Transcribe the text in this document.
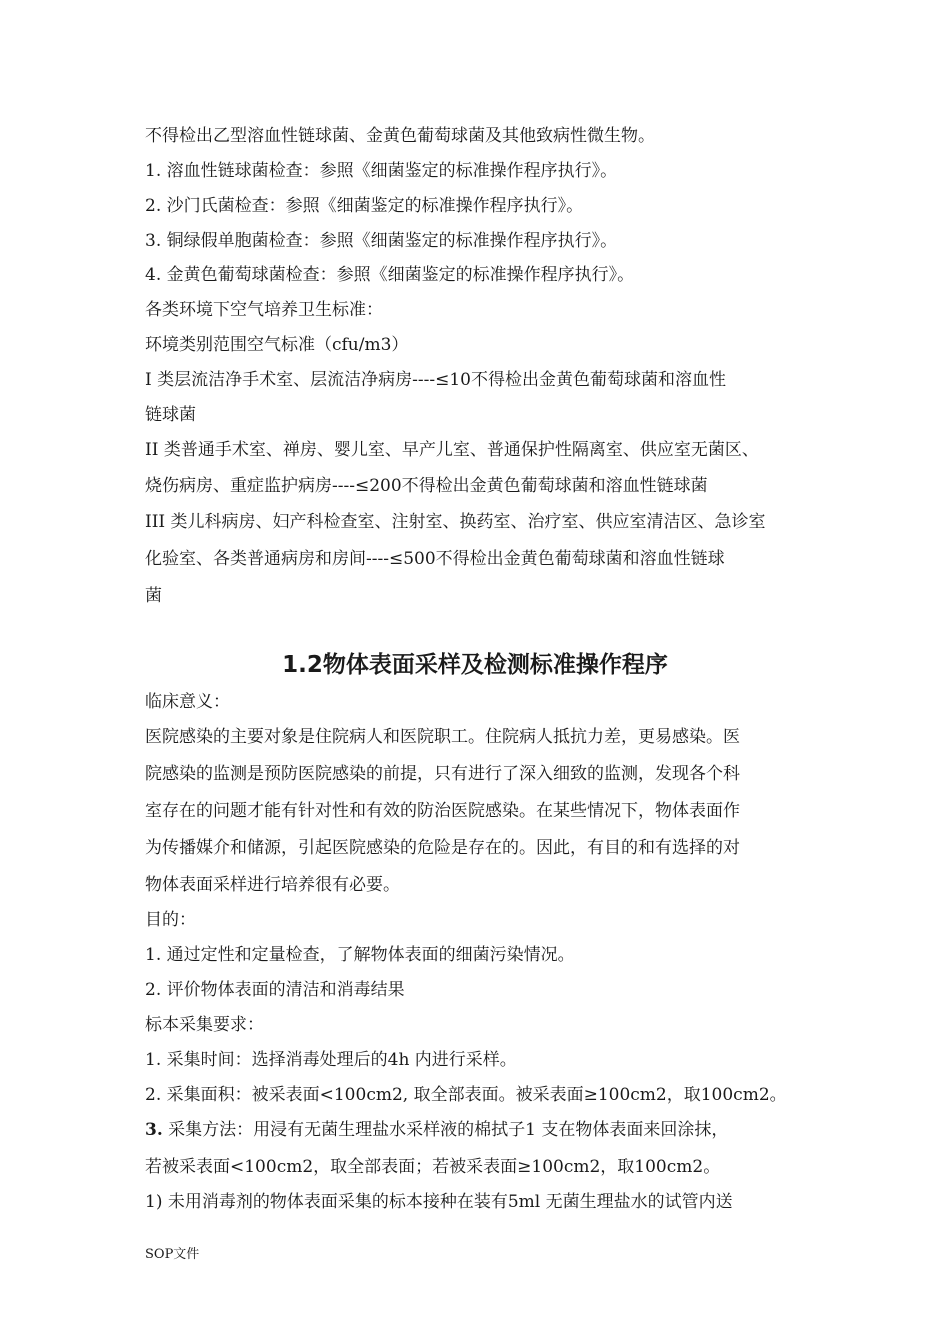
不得检出乙型溶血性链球菌、金黄色葡萄球菌及其他致病性微生物。
1. 溶血性链球菌检查：参照《细菌鉴定的标准操作程序执行》。
2. 沙门氏菌检查：参照《细菌鉴定的标准操作程序执行》。
3. 铜绿假单胞菌检查：参照《细菌鉴定的标准操作程序执行》。
4. 金黄色葡萄球菌检查：参照《细菌鉴定的标准操作程序执行》。
各类环境下空气培养卫生标准：
环境类别范围空气标准（cfu/m3）
I 类层流洁净手术室、层流洁净病房----≤10不得检出金黄色葡萄球菌和溶血性
链球菌
II 类普通手术室、禅房、婴儿室、早产儿室、普通保护性隔离室、供应室无菌区、
烧伤病房、重症监护病房----≤200不得检出金黄色葡萄球菌和溶血性链球菌
III 类儿科病房、妇产科检查室、注射室、换药室、治疗室、供应室清洁区、急诊室
化验室、各类普通病房和房间----≤500不得检出金黄色葡萄球菌和溶血性链球
菌
1.2物体表面采样及检测标准操作程序
临床意义：
医院感染的主要对象是住院病人和医院职工。住院病人抵抗力差，更易感染。医
院感染的监测是预防医院感染的前提，只有进行了深入细致的监测，发现各个科
室存在的问题才能有针对性和有效的防治医院感染。在某些情况下，物体表面作
为传播媒介和储源，引起医院感染的危险是存在的。因此，有目的和有选择的对
物体表面采样进行培养很有必要。
目的：
1. 通过定性和定量检查，了解物体表面的细菌污染情况。
2. 评价物体表面的清洁和消毒结果
标本采集要求：
1. 采集时间：选择消毒处理后的4h 内进行采样。
2. 采集面积：被采表面<100cm2, 取全部表面。被采表面≥100cm2，取100cm2。
3. 采集方法：用浸有无菌生理盐水采样液的棉拭子1 支在物体表面来回涂抹，
若被采表面<100cm2，取全部表面；若被采表面≥100cm2，取100cm2。
1) 未用消毒剂的物体表面采集的标本接种在装有5ml 无菌生理盐水的试管内送
SOP文件
